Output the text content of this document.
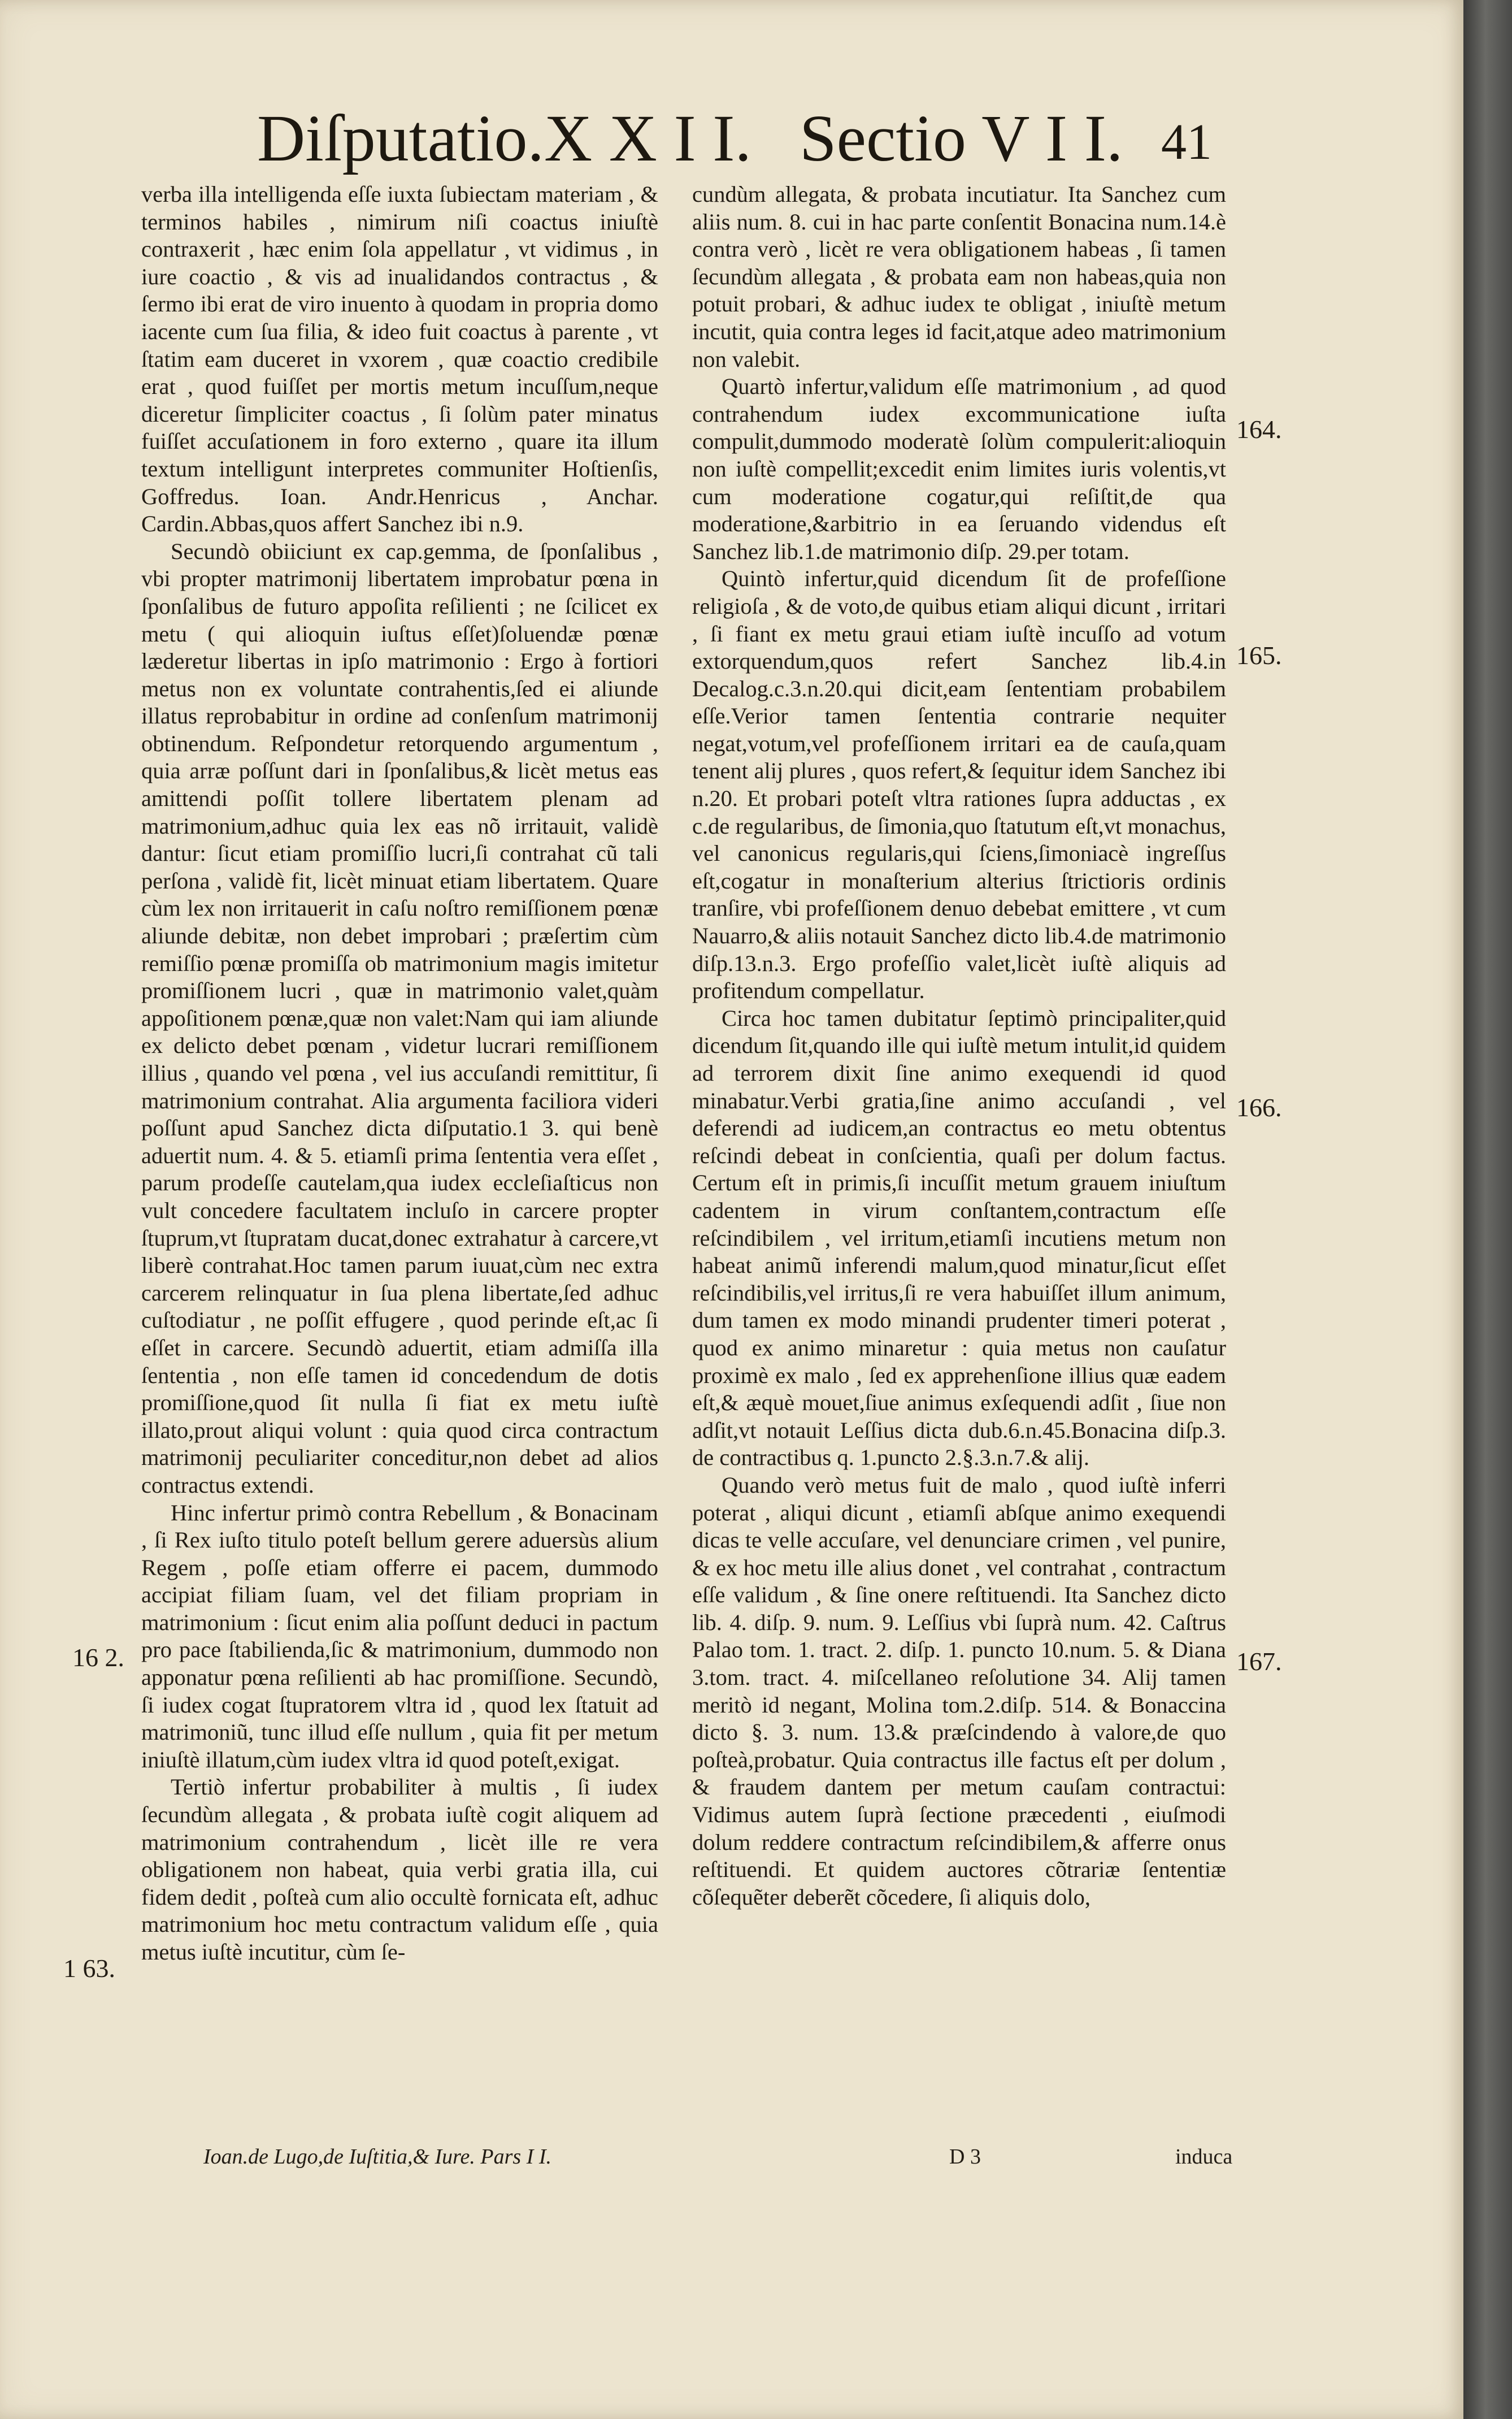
Diſputatio.X X I I. Sectio V I I. 41

verba illa intelligenda eſſe iuxta ſubiectam materiam , & terminos habiles , nimirum niſi coactus iniuſtè contraxerit , hæc enim ſola appellatur , vt vidimus , in iure coactio , & vis ad inualidandos contractus , & ſermo ibi erat de viro inuento à quodam in propria domo iacente cum ſua filia, & ideo fuit coactus à parente , vt ſtatim eam duceret in vxorem , quæ coactio credibile erat , quod fuiſſet per mortis metum incuſſum,neque diceretur ſimpliciter coactus , ſi ſolùm pater minatus fuiſſet accuſationem in foro externo , quare ita illum textum intelligunt interpretes communiter Hoſtienſis, Goffredus. Ioan. Andr.Henricus , Anchar. Cardin.Abbas,quos affert Sanchez ibi n.9.

Secundò obiiciunt ex cap.gemma, de ſponſalibus , vbi propter matrimonij libertatem improbatur pœna in ſponſalibus de futuro appoſita reſilienti ; ne ſcilicet ex metu ( qui alioquin iuſtus eſſet)ſoluendæ pœnæ læderetur libertas in ipſo matrimonio : Ergo à fortiori metus non ex voluntate contrahentis,ſed ei aliunde illatus reprobabitur in ordine ad conſenſum matrimonij obtinendum. Reſpondetur retorquendo argumentum , quia arræ poſſunt dari in ſponſalibus,& licèt metus eas amittendi poſſit tollere libertatem plenam ad matrimonium,adhuc quia lex eas nõ irritauit, validè dantur: ſicut etiam promiſſio lucri,ſi contrahat cũ tali perſona , validè fit, licèt minuat etiam libertatem. Quare cùm lex non irritauerit in caſu noſtro remiſſionem pœnæ aliunde debitæ, non debet improbari ; præſertim cùm remiſſio pœnæ promiſſa ob matrimonium magis imitetur promiſſionem lucri , quæ in matrimonio valet,quàm appoſitionem pœnæ,quæ non valet:Nam qui iam aliunde ex delicto debet pœnam , videtur lucrari remiſſionem illius , quando vel pœna , vel ius accuſandi remittitur, ſi matrimonium contrahat. Alia argumenta faciliora videri poſſunt apud Sanchez dicta diſputatio.1 3. qui benè aduertit num. 4. & 5. etiamſi prima ſententia vera eſſet , parum prodeſſe cautelam,qua iudex eccleſiaſticus non vult concedere facultatem incluſo in carcere propter ſtuprum,vt ſtupratam ducat,donec extrahatur à carcere,vt liberè contrahat.Hoc tamen parum iuuat,cùm nec extra carcerem relinquatur in ſua plena libertate,ſed adhuc cuſtodiatur , ne poſſit effugere , quod perinde eſt,ac ſi eſſet in carcere. Secundò aduertit, etiam admiſſa illa ſententia , non eſſe tamen id concedendum de dotis promiſſione,quod ſit nulla ſi fiat ex metu iuſtè illato,prout aliqui volunt : quia quod circa contractum matrimonij peculiariter conceditur,non debet ad alios contractus extendi.

Hinc infertur primò contra Rebellum , & Bonacinam , ſi Rex iuſto titulo poteſt bellum gerere aduersùs alium Regem , poſſe etiam offerre ei pacem, dummodo accipiat filiam ſuam, vel det filiam propriam in matrimonium : ſicut enim alia poſſunt deduci in pactum pro pace ſtabilienda,ſic & matrimonium, dummodo non apponatur pœna reſilienti ab hac promiſſione. Secundò, ſi iudex cogat ſtupratorem vltra id , quod lex ſtatuit ad matrimoniũ, tunc illud eſſe nullum , quia fit per metum iniuſtè illatum,cùm iudex vltra id quod poteſt,exigat.

Tertiò infertur probabiliter à multis , ſi iudex ſecundùm allegata , & probata iuſtè cogit aliquem ad matrimonium contrahendum , licèt ille re vera obligationem non habeat, quia verbi gratia illa, cui fidem dedit , poſteà cum alio occultè fornicata eſt, adhuc matrimonium hoc metu contractum validum eſſe , quia metus iuſtè incutitur, cùm ſe-

cundùm allegata, & probata incutiatur. Ita Sanchez cum aliis num. 8. cui in hac parte conſentit Bonacina num.14.è contra verò , licèt re vera obligationem habeas , ſi tamen ſecundùm allegata , & probata eam non habeas,quia non potuit probari, & adhuc iudex te obligat , iniuſtè metum incutit, quia contra leges id facit,atque adeo matrimonium non valebit.

Quartò infertur,validum eſſe matrimonium , ad quod contrahendum iudex excommunicatione iuſta compulit,dummodo moderatè ſolùm compulerit:alioquin non iuſtè compellit;excedit enim limites iuris volentis,vt cum moderatione cogatur,qui reſiſtit,de qua moderatione,&arbitrio in ea ſeruando videndus eſt Sanchez lib.1.de matrimonio diſp. 29.per totam.

Quintò infertur,quid dicendum ſit de profeſſione religioſa , & de voto,de quibus etiam aliqui dicunt , irritari , ſi fiant ex metu graui etiam iuſtè incuſſo ad votum extorquendum,quos refert Sanchez lib.4.in Decalog.c.3.n.20.qui dicit,eam ſententiam probabilem eſſe.Verior tamen ſententia contrarie nequiter negat,votum,vel profeſſionem irritari ea de cauſa,quam tenent alij plures , quos refert,& ſequitur idem Sanchez ibi n.20. Et probari poteſt vltra rationes ſupra adductas , ex c.de regularibus, de ſimonia,quo ſtatutum eſt,vt monachus, vel canonicus regularis,qui ſciens,ſimoniacè ingreſſus eſt,cogatur in monaſterium alterius ſtrictioris ordinis tranſire, vbi profeſſionem denuo debebat emittere , vt cum Nauarro,& aliis notauit Sanchez dicto lib.4.de matrimonio diſp.13.n.3. Ergo profeſſio valet,licèt iuſtè aliquis ad profitendum compellatur.

Circa hoc tamen dubitatur ſeptimò principaliter,quid dicendum ſit,quando ille qui iuſtè metum intulit,id quidem ad terrorem dixit ſine animo exequendi id quod minabatur.Verbi gratia,ſine animo accuſandi , vel deferendi ad iudicem,an contractus eo metu obtentus reſcindi debeat in conſcientia, quaſi per dolum factus. Certum eſt in primis,ſi incuſſit metum grauem iniuſtum cadentem in virum conſtantem,contractum eſſe reſcindibilem , vel irritum,etiamſi incutiens metum non habeat animũ inferendi malum,quod minatur,ſicut eſſet reſcindibilis,vel irritus,ſi re vera habuiſſet illum animum, dum tamen ex modo minandi prudenter timeri poterat , quod ex animo minaretur : quia metus non cauſatur proximè ex malo , ſed ex apprehenſione illius quæ eadem eſt,& æquè mouet,ſiue animus exſequendi adſit , ſiue non adſit,vt notauit Leſſius dicta dub.6.n.45.Bonacina diſp.3. de contractibus q. 1.puncto 2.§.3.n.7.& alij.

Quando verò metus fuit de malo , quod iuſtè inferri poterat , aliqui dicunt , etiamſi abſque animo exequendi dicas te velle accuſare, vel denunciare crimen , vel punire, & ex hoc metu ille alius donet , vel contrahat , contractum eſſe validum , & ſine onere reſtituendi. Ita Sanchez dicto lib. 4. diſp. 9. num. 9. Leſſius vbi ſuprà num. 42. Caſtrus Palao tom. 1. tract. 2. diſp. 1. puncto 10.num. 5. & Diana 3.tom. tract. 4. miſcellaneo reſolutione 34. Alij tamen meritò id negant, Molina tom.2.diſp. 514. & Bonaccina dicto §. 3. num. 13.& præſcindendo à valore,de quo poſteà,probatur. Quia contractus ille factus eſt per dolum , & fraudem dantem per metum cauſam contractui: Vidimus autem ſuprà ſectione præcedenti , eiuſmodi dolum reddere contractum reſcindibilem,& afferre onus reſtituendi. Et quidem auctores cõtrariæ ſententiæ cõſequẽter deberẽt cõcedere, ſi aliquis dolo,

16 2.
1 63.
164.
165.
166.
167.
Ioan.de Lugo,de Iuſtitia,& Iure. Pars I I.	D 3	induca
